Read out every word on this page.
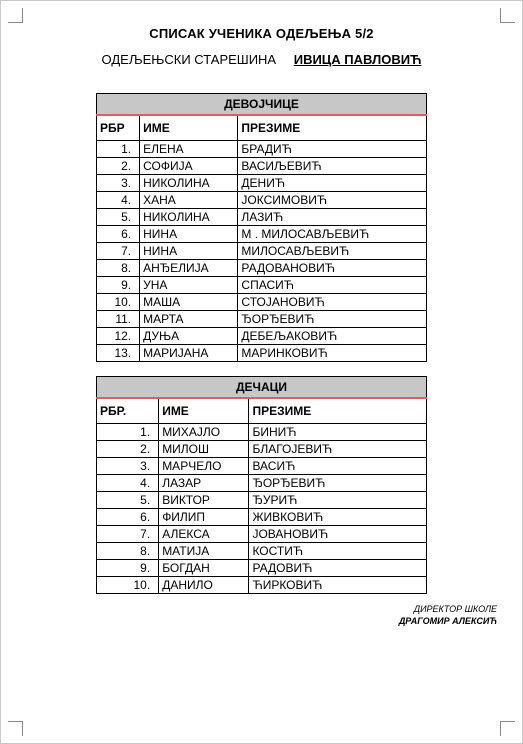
СПИСАК УЧЕНИКА ОДЕЉЕЊА 5/2
ОДЕЉЕЊСКИ СТАРЕШИНА ИВИЦА ПАВЛОВИЋ
ДЕВОЈЧИЦЕ		
РБР	ИМЕ	ПРЕЗИМЕ
1.	ЕЛЕНА	БРАДИЋ
2.	СОФИЈА	ВАСИЉЕВИЋ
3.	НИКОЛИНА	ДЕНИЋ
4.	ХАНА	ЈОКСИМОВИЋ
5.	НИКОЛИНА	ЛАЗИЋ
6.	НИНА	М . МИЛОСАВЉЕВИЋ
7.	НИНА	МИЛОСАВЉЕВИЋ
8.	АНЂЕЛИЈА	РАДОВАНОВИЋ
9.	УНА	СПАСИЋ
10.	МАША	СТОЈАНОВИЋ
11.	МАРТА	ЂОРЂЕВИЋ
12.	ДУЊА	ДЕБЕЉАКОВИЋ
13.	МАРИЈАНА	МАРИНКОВИЋ
ДЕЧАЦИ		
РБР.	ИМЕ	ПРЕЗИМЕ
1.	МИХАЈЛО	БИНИЋ
2.	МИЛОШ	БЛАГОЈЕВИЋ
3.	МАРЧЕЛО	ВАСИЋ
4.	ЛАЗАР	ЂОРЂЕВИЋ
5.	ВИКТОР	ЂУРИЋ
6.	ФИЛИП	ЖИВКОВИЋ
7.	АЛЕКСА	ЈОВАНОВИЋ
8.	МАТИЈА	КОСТИЋ
9.	БОГДАН	РАДОВИЋ
10.	ДАНИЛО	ЋИРКОВИЋ
ДИРЕКТОР ШКОЛЕ
ДРАГОМИР АЛЕКСИЋ
